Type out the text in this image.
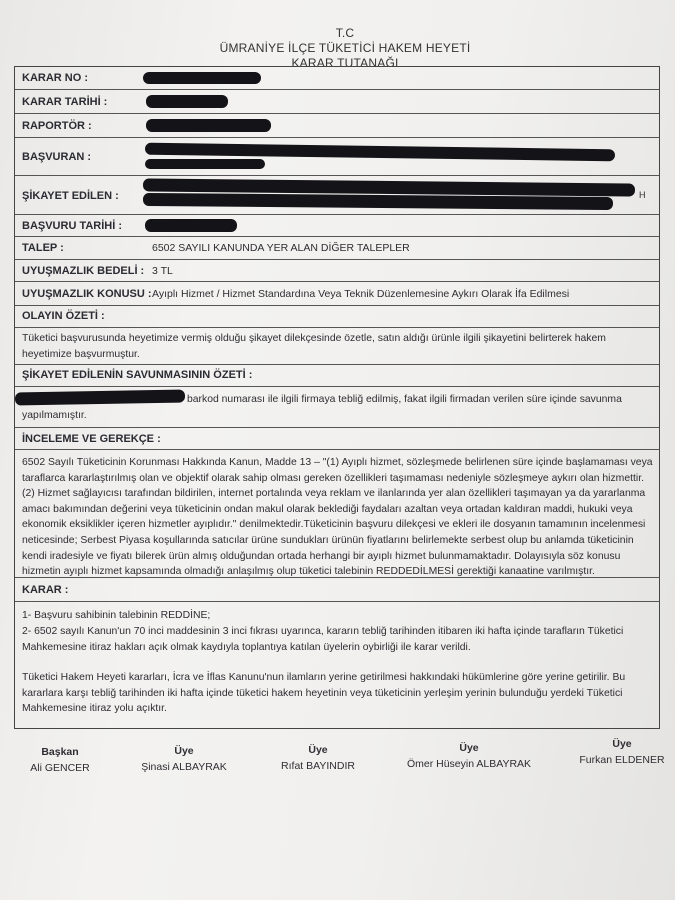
T.C
ÜMRANİYE İLÇE TÜKETİCİ HAKEM HEYETİ
KARAR TUTANAĞI
KARAR NO :
KARAR TARİHİ :
RAPORTÖR :
BAŞVURAN :
ŞİKAYET EDİLEN :	H
BAŞVURU TARİHİ :
TALEP :	6502 SAYILI KANUNDA YER ALAN DİĞER TALEPLER
UYUŞMAZLIK BEDELİ : 3 TL
UYUŞMAZLIK KONUSU : Ayıplı Hizmet / Hizmet Standardına Veya Teknik Düzenlemesine Aykırı Olarak İfa Edilmesi
OLAYIN ÖZETİ :
Tüketici başvurusunda heyetimize vermiş olduğu şikayet dilekçesinde özetle, satın aldığı ürünle ilgili şikayetini belirterek hakem heyetimize başvurmuştur.
ŞİKAYET EDİLENİN SAVUNMASININ ÖZETİ :
barkod numarası ile ilgili firmaya tebliğ edilmiş, fakat ilgili firmadan verilen süre içinde savunma
yapılmamıştır.
İNCELEME VE GEREKÇE :
6502 Sayılı Tüketicinin Korunması Hakkında Kanun, Madde 13 – "(1) Ayıplı hizmet, sözleşmede belirlenen süre içinde başlamaması veya taraflarca kararlaştırılmış olan ve objektif olarak sahip olması gereken özellikleri taşımaması nedeniyle sözleşmeye aykırı olan hizmettir.(2) Hizmet sağlayıcısı tarafından bildirilen, internet portalında veya reklam ve ilanlarında yer alan özellikleri taşımayan ya da yararlanma amacı bakımından değerini veya tüketicinin ondan makul olarak beklediği faydaları azaltan veya ortadan kaldıran maddi, hukuki veya ekonomik eksiklikler içeren hizmetler ayıplıdır." denilmektedir.Tüketicinin başvuru dilekçesi ve ekleri ile dosyanın tamamının incelenmesi neticesinde; Serbest Piyasa koşullarında satıcılar ürüne sundukları ürünün fiyatlarını belirlemekte serbest olup bu anlamda tüketicinin kendi iradesiyle ve fiyatı bilerek ürün almış olduğundan ortada herhangi bir ayıplı hizmet bulunmamaktadır. Dolayısıyla söz konusu hizmetin ayıplı hizmet kapsamında olmadığı anlaşılmış olup tüketici talebinin REDDEDİLMESİ gerektiği kanaatine varılmıştır.
KARAR :
1- Başvuru sahibinin talebinin REDDİNE;
2- 6502 sayılı Kanun'un 70 inci maddesinin 3 inci fıkrası uyarınca, kararın tebliğ tarihinden itibaren iki hafta içinde tarafların Tüketici Mahkemesine itiraz hakları açık olmak kaydıyla toplantıya katılan üyelerin oybirliği ile karar verildi.
Tüketici Hakem Heyeti kararları, İcra ve İflas Kanunu'nun ilamların yerine getirilmesi hakkındaki hükümlerine göre yerine getirilir. Bu kararlara karşı tebliğ tarihinden iki hafta içinde tüketici hakem heyetinin veya tüketicinin yerleşim yerinin bulunduğu yerdeki Tüketici Mahkemesine itiraz yolu açıktır.
Başkan
Ali GENCER
Üye
Şinasi ALBAYRAK
Üye
Rıfat BAYINDIR
Üye
Ömer Hüseyin ALBAYRAK
Üye
Furkan ELDENER
